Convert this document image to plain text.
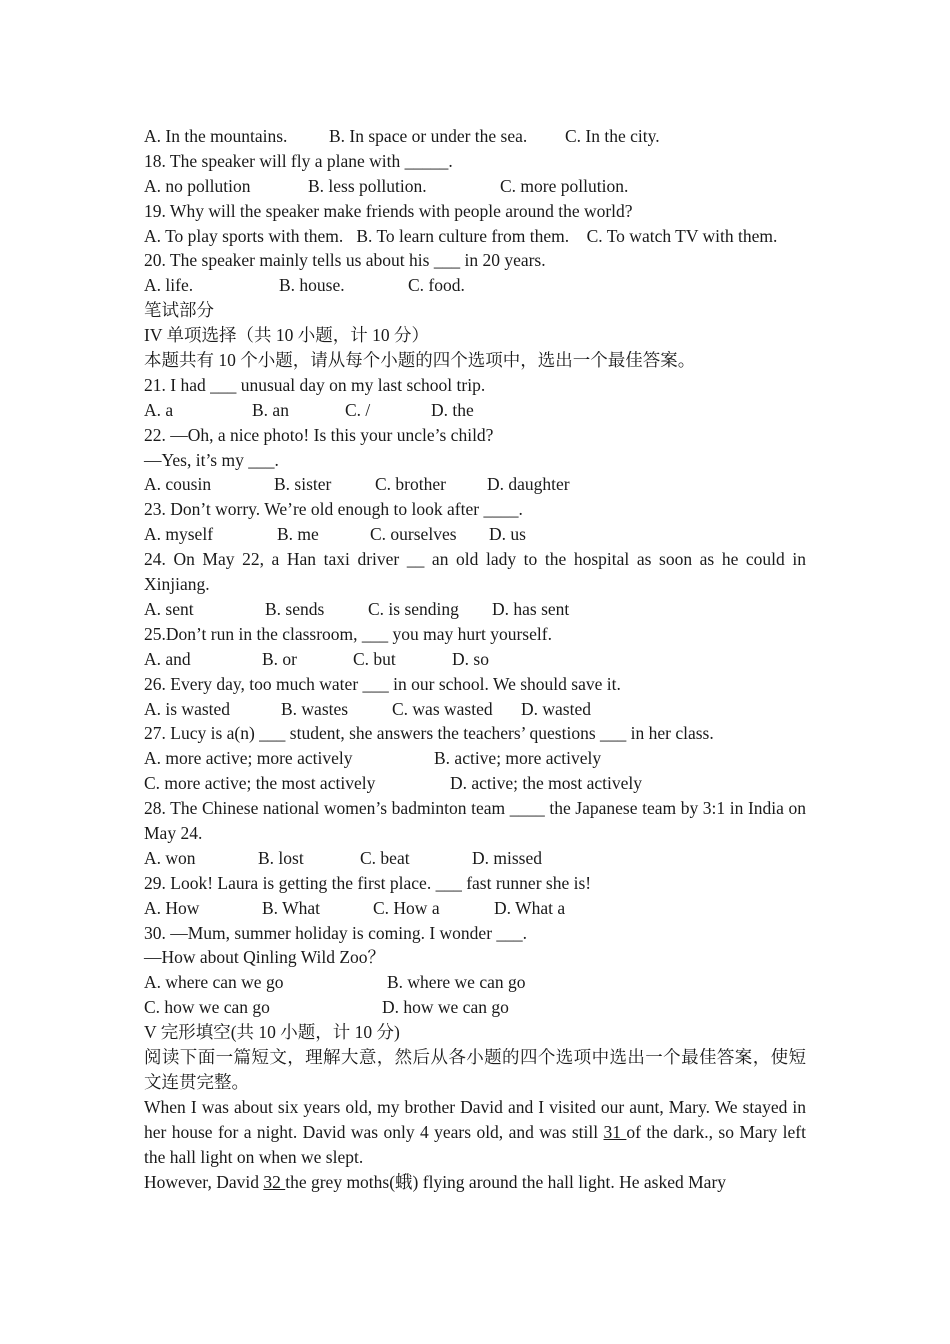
A. In the mountains.

B. In space or under the sea.

C. In the city.

18. The speaker will fly a plane with _____.

A. no pollution

	B. less pollution.

	C. more pollution.

19. Why will the speaker make friends with people around the world?
A. To play sports with them.   B. To learn culture from them.    C. To watch TV with them.
20. The speaker mainly tells us about his ___ in 20 years.

A. life.

	B. house.

	C. food.

笔试部分
IV 单项选择（共 10 小题，计 10 分）
本题共有 10 个小题，请从每个小题的四个选项中，选出一个最佳答案。
21. I had ___ unusual day on my last school trip.

A. a

	B. an

	C. /

	D. the

22. —Oh, a nice photo! Is this your uncle’s child?
—Yes, it’s my ___.

A. cousin

	B. sister

C. brother

D. daughter

23. Don’t worry. We’re old enough to look after ____.

A. myself

	B. me

	C. ourselves

D. us

24. On May 22, a Han taxi driver __ an old lady to the hospital as soon as he could in Xinjiang.

A. sent

	B. sends

C. is sending

D. has sent

25.Don’t run in the classroom, ___ you may hurt yourself.

A. and

	B. or

	C. but

	D. so

26. Every day, too much water ___ in our school. We should save it.

A. is wasted

	B. wastes

	C. was wasted

D. wasted

27. Lucy is a(n) ___ student, she answers the teachers’ questions ___ in her class.

A. more active; more actively

	B. active; more actively

C. more active; the most actively

	D. active; the most actively

28. The Chinese national women’s badminton team ____ the Japanese team by 3:1 in India on May 24.

A. won

	B. lost

	C. beat

	D. missed

29. Look! Laura is getting the first place. ___ fast runner she is!

A. How

	B. What

	C. How a

	D. What a

30. —Mum, summer holiday is coming. I wonder ___.
—How about Qinling Wild Zoo？

A. where can we go

	B. where we can go

C. how we can go

	D. how we can go

V 完形填空(共 10 小题，计 10 分)
阅读下面一篇短文，理解大意，然后从各小题的四个选项中选出一个最佳答案，使短文连贯完整。
When I was about six years old, my brother David and I visited our aunt, Mary. We stayed in her house for a night. David was only 4 years old, and was still 31 of the dark., so Mary left the hall light on when we slept.
However, David 32 the grey moths(蛾) flying around the hall light. He asked Mary
